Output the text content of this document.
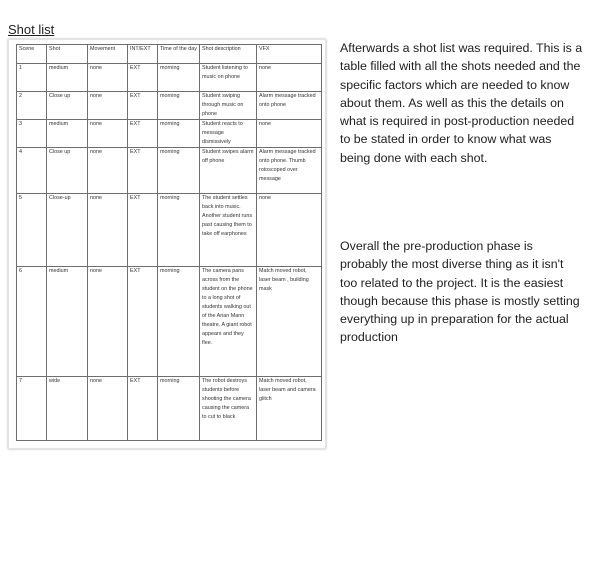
Shot list
Scene	Shot	Movement	INT/EXT	Time of the day	Shot description	VFX
1	medium	none	EXT	morning	Student listening to music on phone	none
2	Close up	none	EXT	morning	Student swiping through music on phone	Alarm message tracked onto phone
3	medium	none	EXT	morning	Student reacts to message dismissively	none
4	Close up	none	EXT	morning	Student swipes alarm off phone	Alarm message tracked onto phone. Thumb rotoscoped over message
5	Close-up	none	EXT	morning	The student settles back into music. Another student runs past causing them to take off earphones	none
6	medium	none	EXT	morning	The camera pans across from the student on the phone to a long shot of students walking out of the Arian Mann theatre. A giant robot appears and they flee.	Match moved robot, laser beam , building mask
7	wide	none	EXT	morning	The robot destroys students before shooting the camera causing the camera to cut to black	Match moved robot, laser beam and camera glitch

Afterwards a shot list was required. This is a table filled with all the shots needed and the specific factors which are needed to know about them. As well as this the details on what is required in post-production needed to be stated in order to know what was being done with each shot.

Overall the pre-production phase is probably the most diverse thing as it isn't too related to the project. It is the easiest though because this phase is mostly setting everything up in preparation for the actual production
